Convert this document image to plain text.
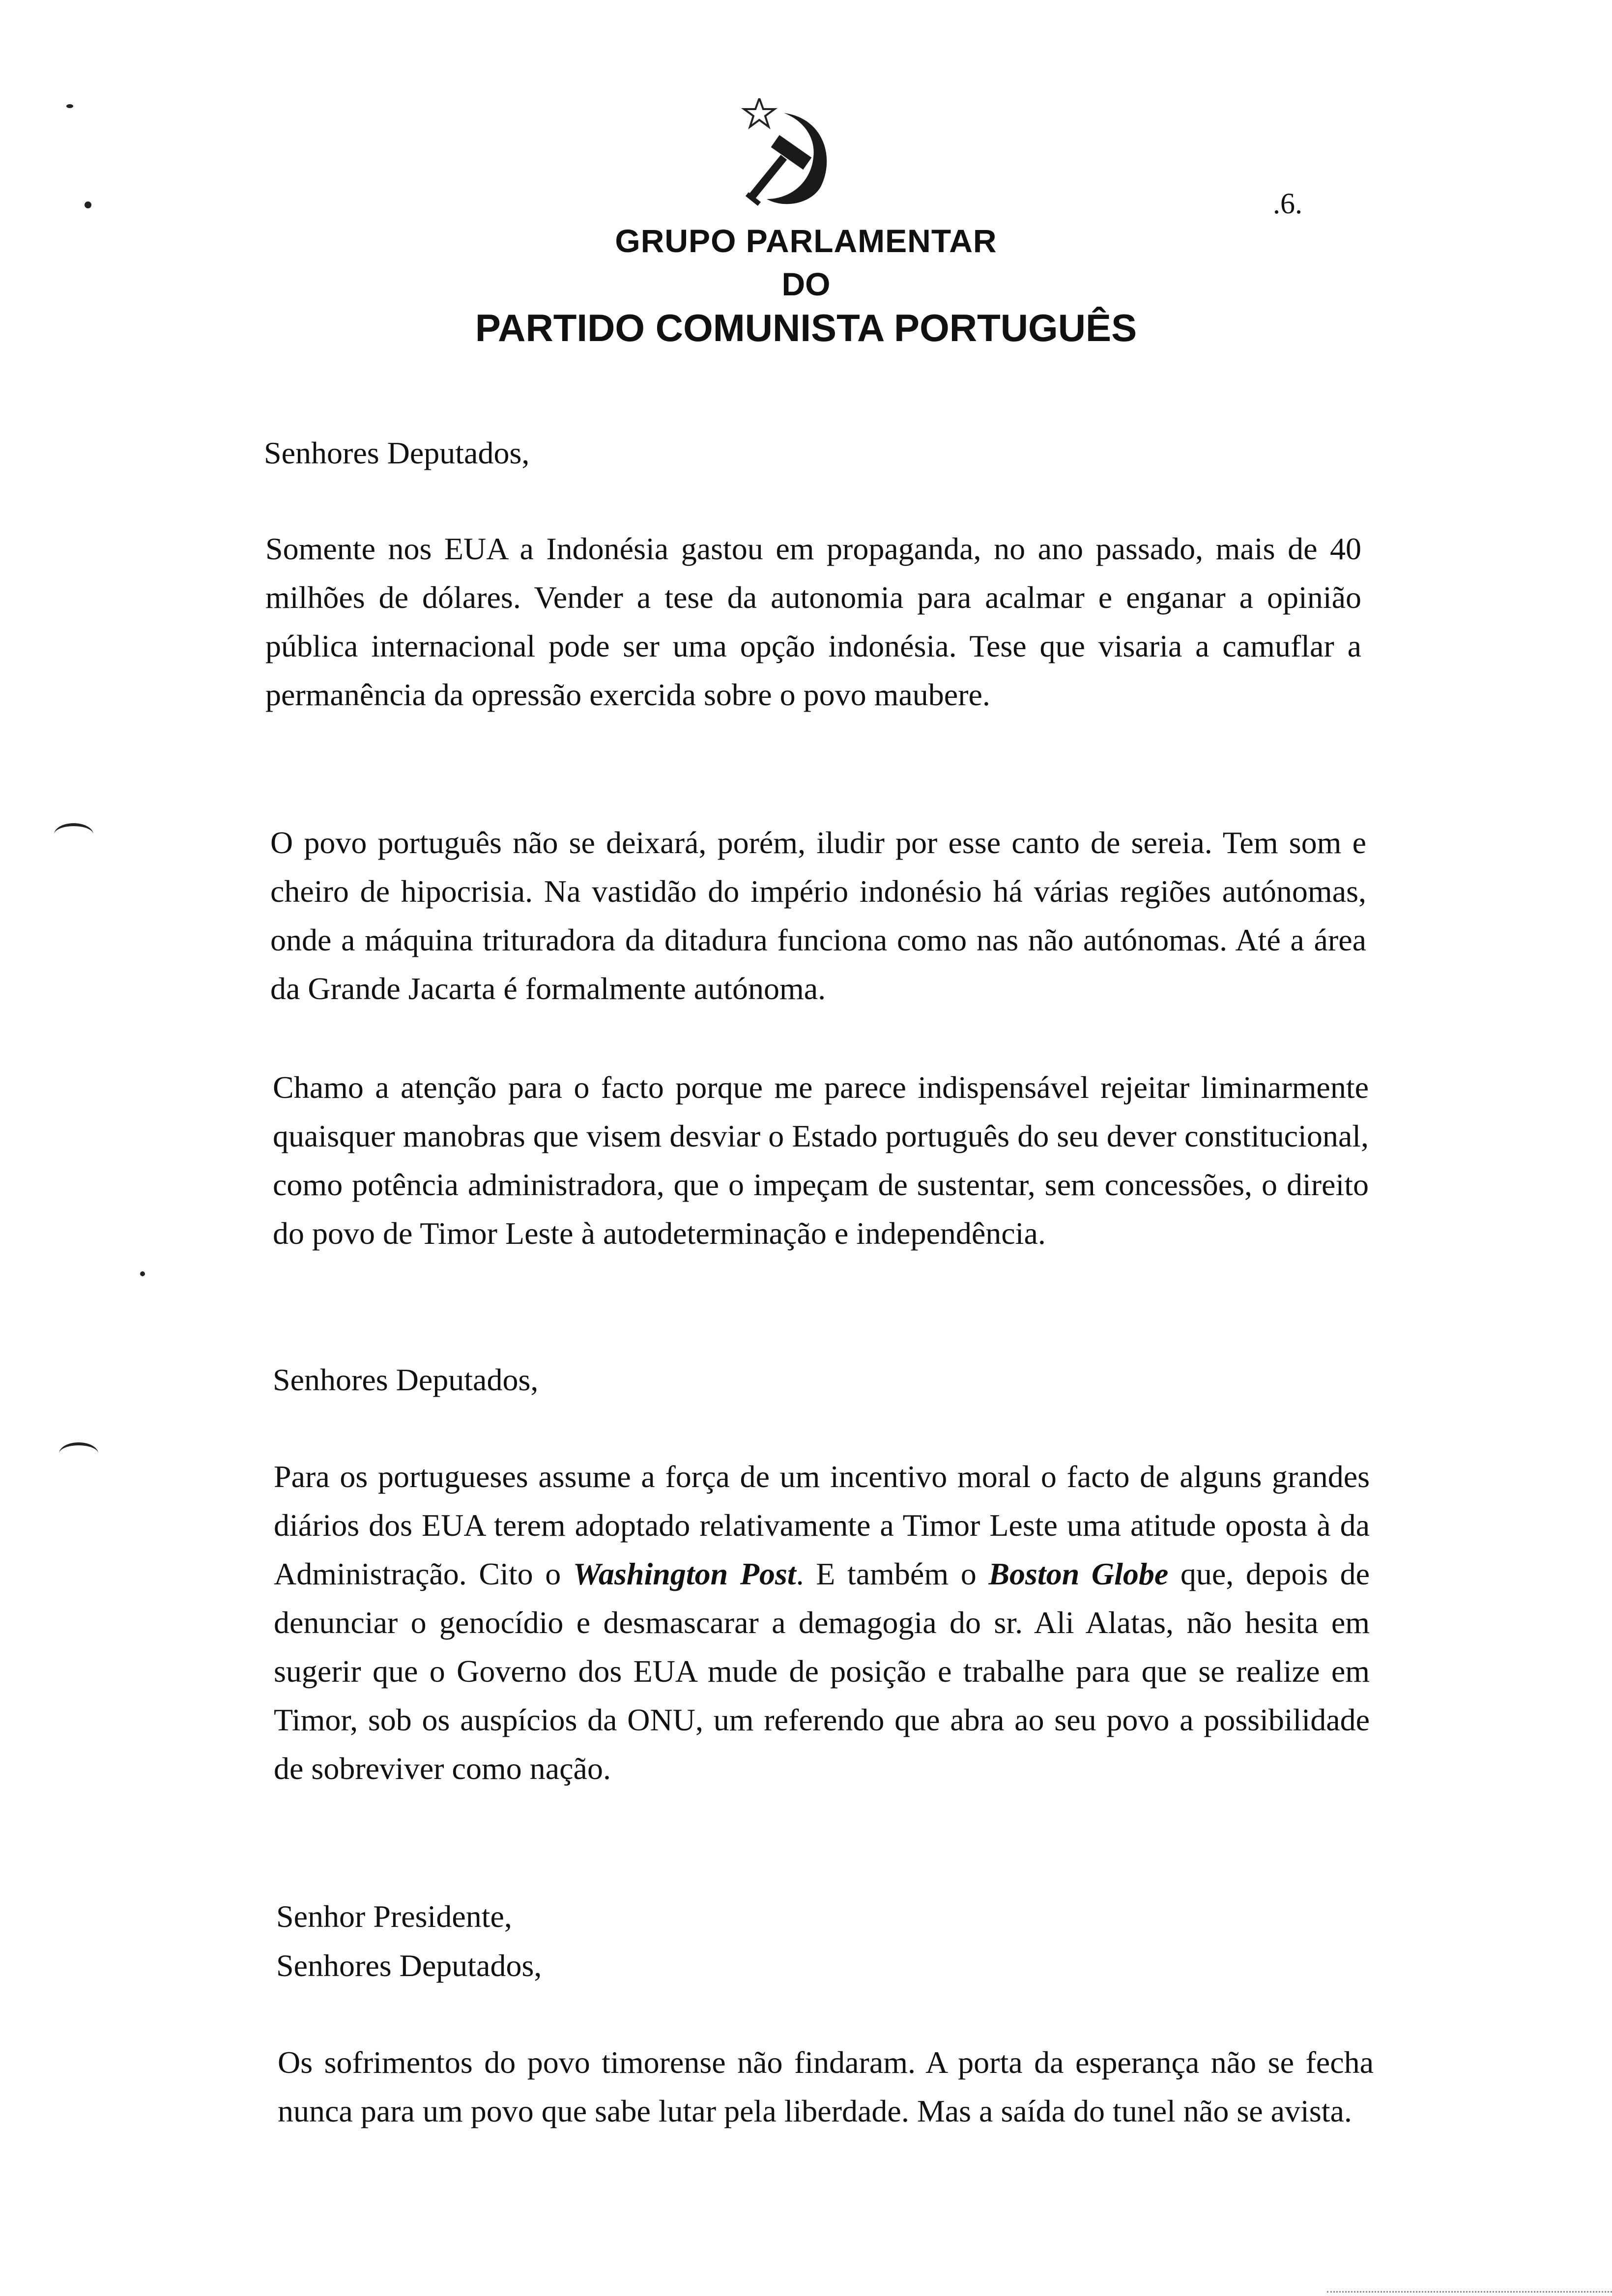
.6.
GRUPO PARLAMENTAR
DO
PARTIDO COMUNISTA PORTUGUÊS

Senhores Deputados,

Somente nos EUA a Indonésia gastou em propaganda, no ano passado, mais de 40 milhões de dólares. Vender a tese da autonomia para acalmar e enganar a opinião pública internacional pode ser uma opção indonésia. Tese que visaria a camuflar a permanência da opressão exercida sobre o povo maubere.

O povo português não se deixará, porém, iludir por esse canto de sereia. Tem som e cheiro de hipocrisia. Na vastidão do império indonésio há várias regiões autónomas, onde a máquina trituradora da ditadura funciona como nas não autónomas. Até a área da Grande Jacarta é formalmente autónoma.

Chamo a atenção para o facto porque me parece indispensável rejeitar liminarmente quaisquer manobras que visem desviar o Estado português do seu dever constitucional, como potência administradora, que o impeçam de sustentar, sem concessões, o direito do povo de Timor Leste à autodeterminação e independência.

Senhores Deputados,

Para os portugueses assume a força de um incentivo moral o facto de alguns grandes diários dos EUA terem adoptado relativamente a Timor Leste uma atitude oposta à da Administração. Cito o Washington Post. E também o Boston Globe que, depois de denunciar o genocídio e desmascarar a demagogia do sr. Ali Alatas, não hesita em sugerir que o Governo dos EUA mude de posição e trabalhe para que se realize em Timor, sob os auspícios da ONU, um referendo que abra ao seu povo a possibilidade de sobreviver como nação.

Senhor Presidente,

Senhores Deputados,

Os sofrimentos do povo timorense não findaram. A porta da esperança não se fecha nunca para um povo que sabe lutar pela liberdade. Mas a saída do tunel não se avista.
